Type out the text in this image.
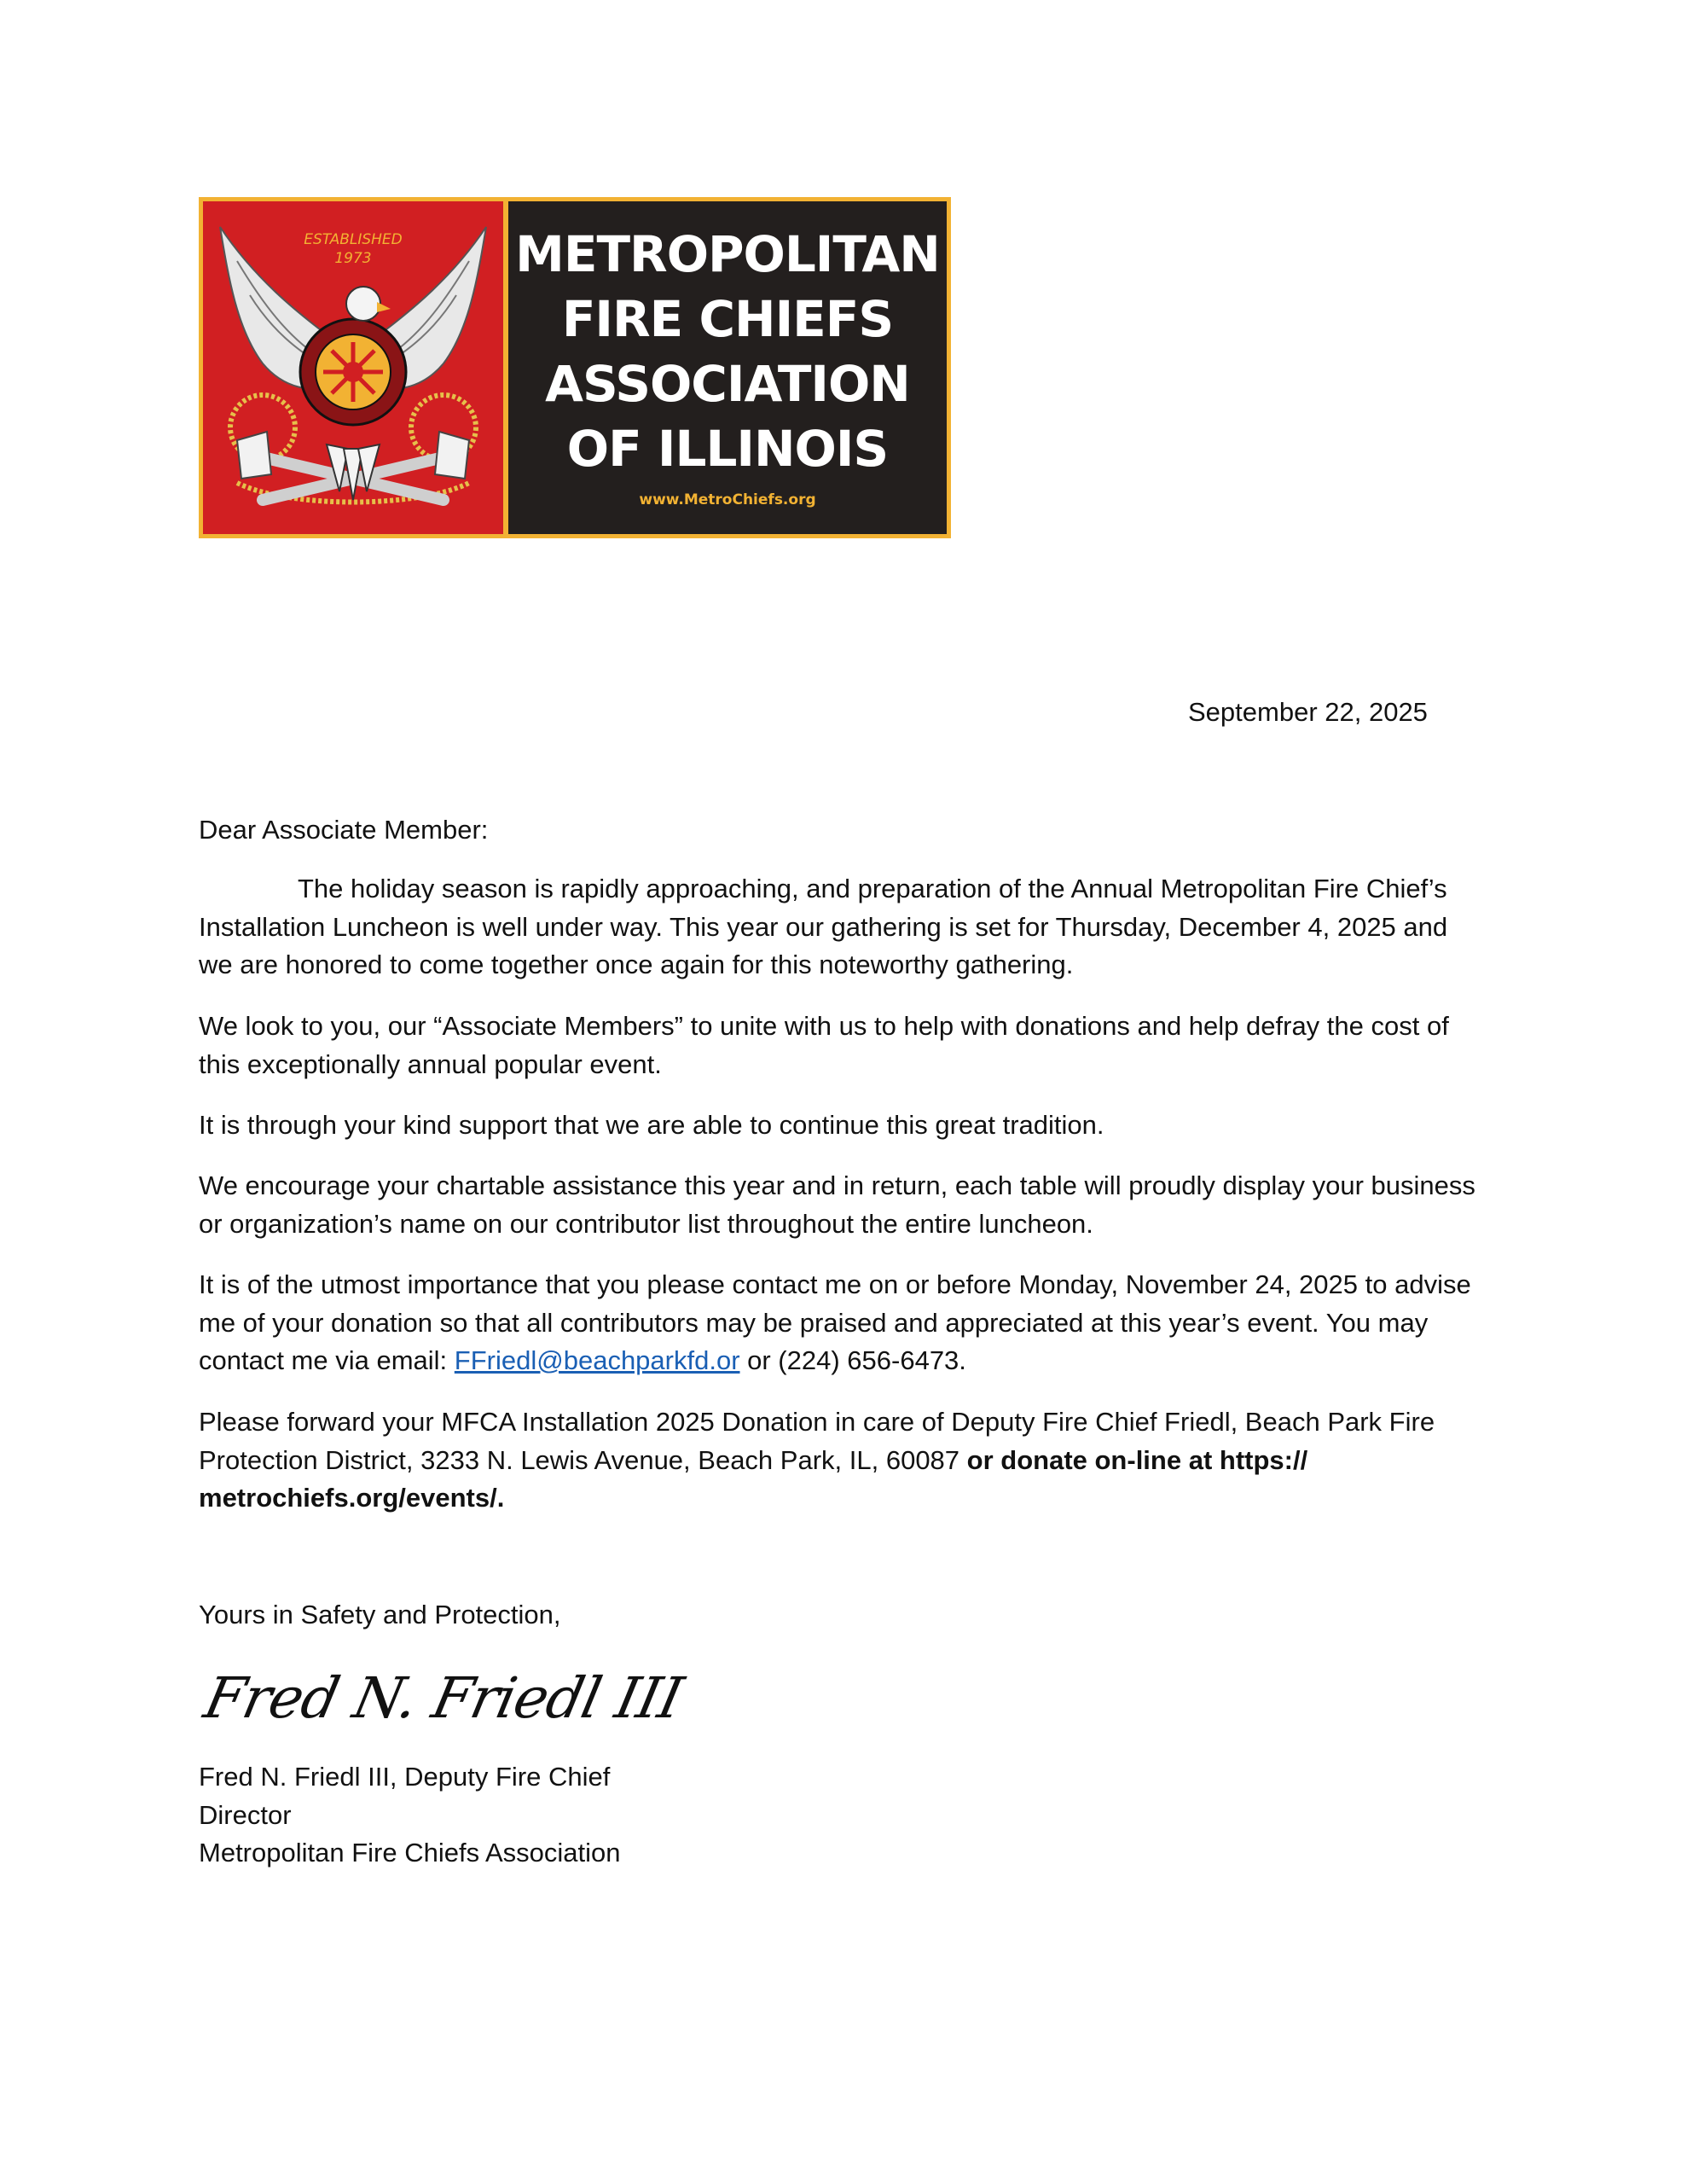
ESTABLISHED
1973	METROPOLITAN
FIRE CHIEFS
ASSOCIATION
OF ILLINOIS
www.MetroChiefs.org
September 22, 2025
Dear Associate Member:

The holiday season is rapidly approaching, and preparation of the Annual Metropolitan Fire Chief’s Installation Luncheon is well under way. This year our gathering is set for Thursday, December 4, 2025 and we are honored to come together once again for this noteworthy gathering.

We look to you, our “Associate Members” to unite with us to help with donations and help defray the cost of this exceptionally annual popular event.

It is through your kind support that we are able to continue this great tradition.

We encourage your chartable assistance this year and in return, each table will proudly display your business or organization’s name on our contributor list throughout the entire luncheon.

It is of the utmost importance that you please contact me on or before Monday, November 24, 2025 to advise me of your donation so that all contributors may be praised and appreciated at this year’s event. You may contact me via email: FFriedl@beachparkfd.or or (224) 656-6473.

Please forward your MFCA Installation 2025 Donation in care of Deputy Fire Chief Friedl, Beach Park Fire Protection District, 3233 N. Lewis Avenue, Beach Park, IL, 60087 or donate on-line at https:// metrochiefs.org/events/.

Yours in Safety and Protection,
Fred N. Friedl III
Fred N. Friedl III, Deputy Fire Chief
Director
Metropolitan Fire Chiefs Association
